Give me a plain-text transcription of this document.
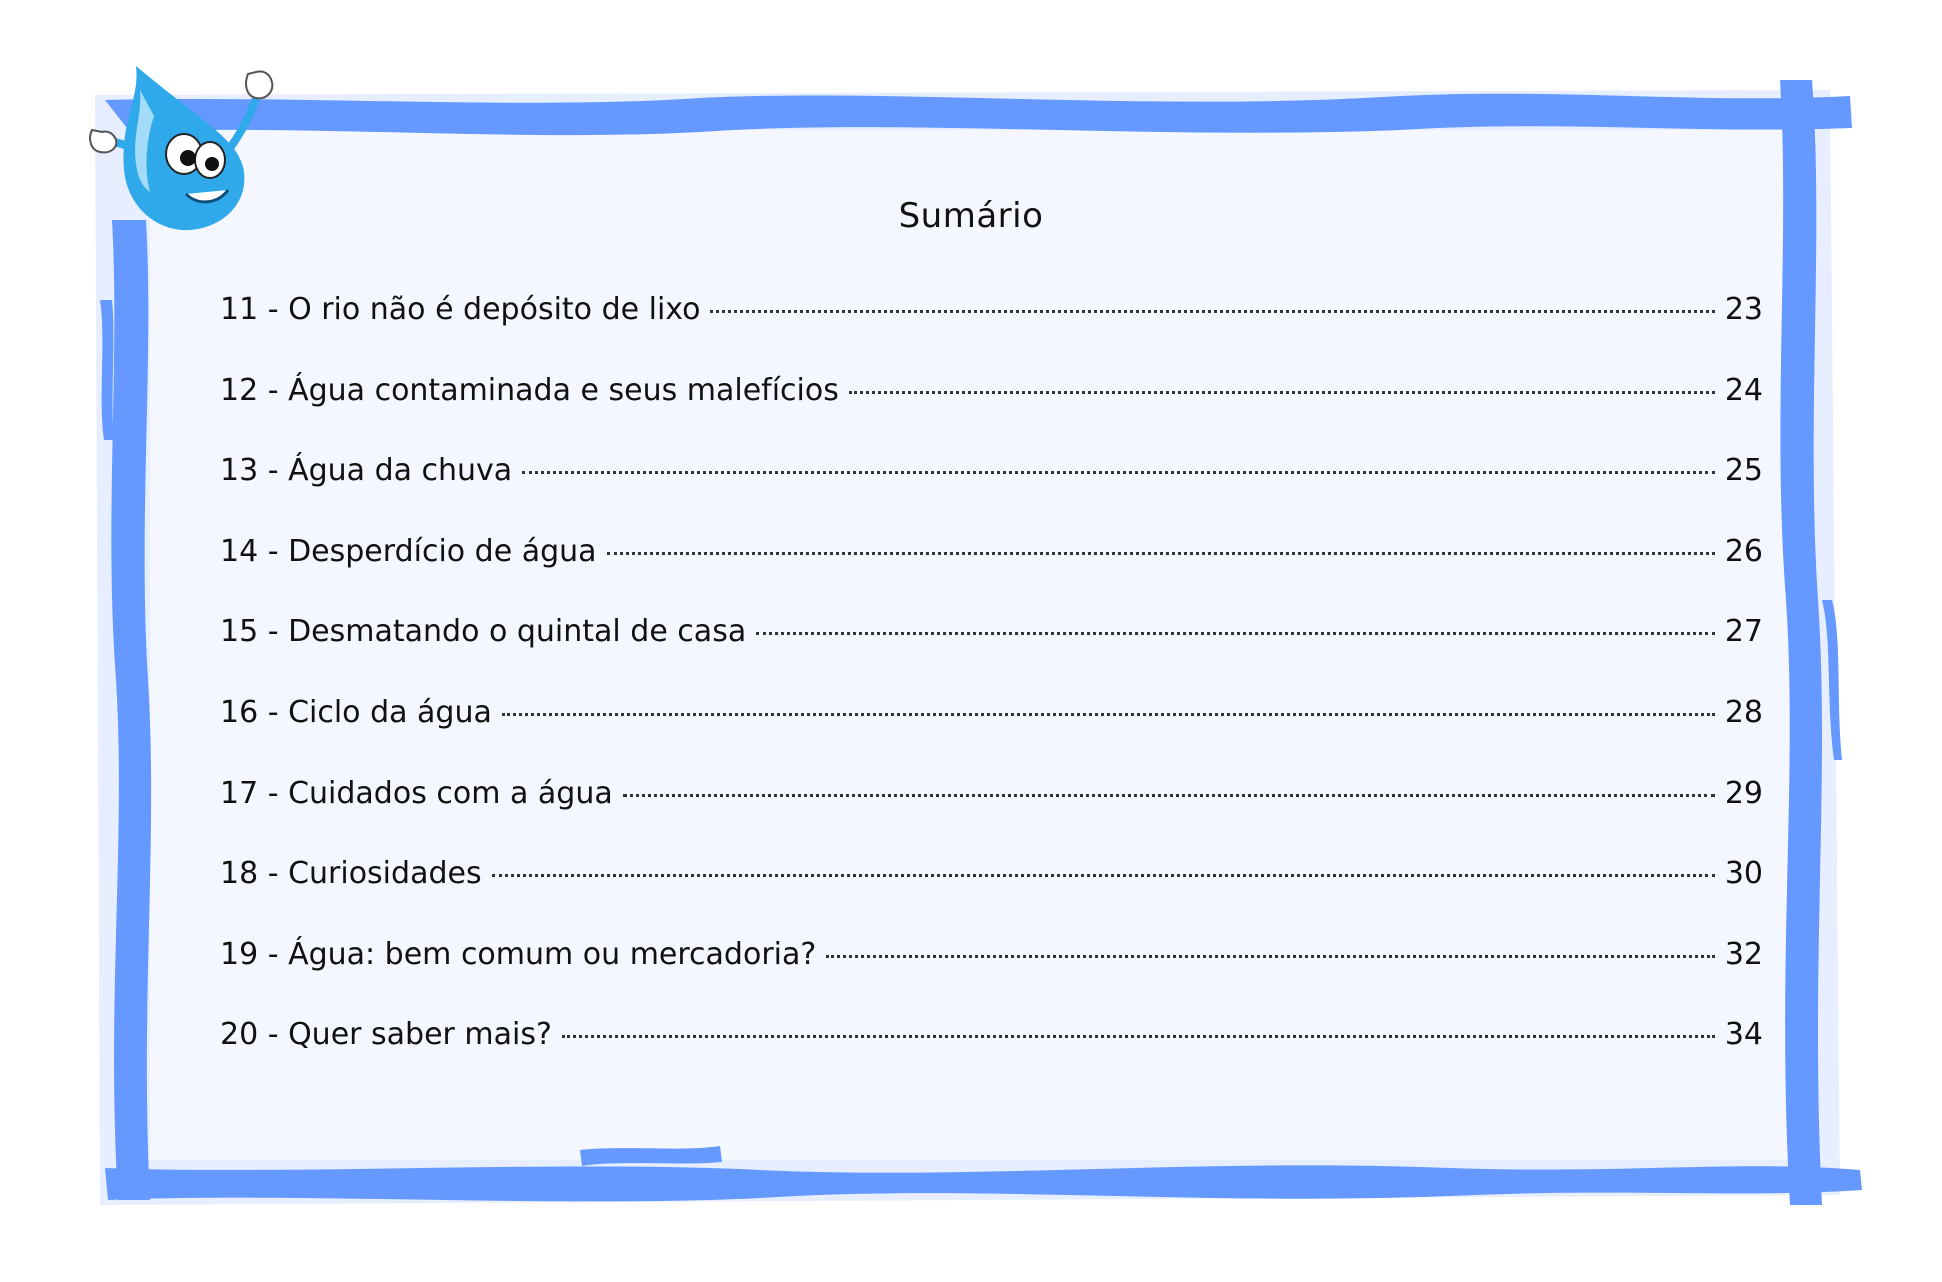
Sumário
11 - O rio não é depósito de lixo	23
12 - Água contaminada e seus malefícios	24
13 - Água da chuva	25
14 - Desperdício de água	26
15 - Desmatando o quintal de casa	27
16 - Ciclo da água	28
17 - Cuidados com a água	29
18 - Curiosidades	30
19 - Água: bem comum ou mercadoria?	32
20 - Quer saber mais?	34
